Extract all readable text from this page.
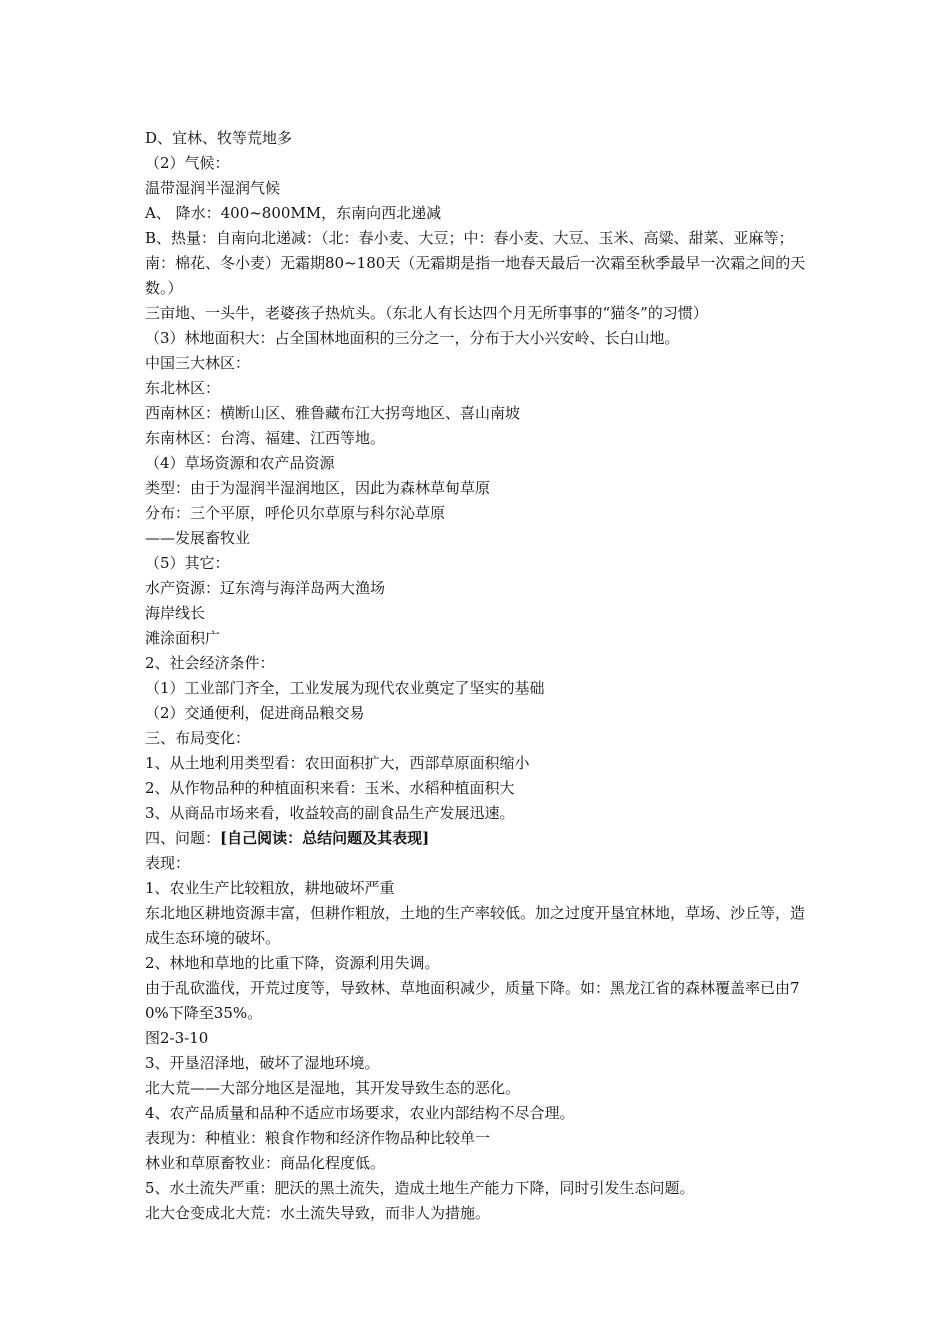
D、宜林、牧等荒地多

（2）气候：

温带湿润半湿润气候

A、 降水：400~800MM，东南向西北递减

B、热量：自南向北递减：（北：春小麦、大豆；中：春小麦、大豆、玉米、高粱、甜菜、亚麻等；南：棉花、冬小麦）无霜期80~180天（无霜期是指一地春天最后一次霜至秋季最早一次霜之间的天数。）

三亩地、一头牛，老婆孩子热炕头。（东北人有长达四个月无所事事的“猫冬”的习惯）

（3）林地面积大：占全国林地面积的三分之一，分布于大小兴安岭、长白山地。

中国三大林区：

东北林区：

西南林区：横断山区、雅鲁藏布江大拐弯地区、喜山南坡

东南林区：台湾、福建、江西等地。

（4）草场资源和农产品资源

类型：由于为湿润半湿润地区，因此为森林草甸草原

分布：三个平原，呼伦贝尔草原与科尔沁草原

——发展畜牧业

（5）其它：

水产资源：辽东湾与海洋岛两大渔场

海岸线长

滩涂面积广

2、社会经济条件：

（1）工业部门齐全，工业发展为现代农业奠定了坚实的基础

（2）交通便利，促进商品粮交易

三、布局变化：

1、从土地利用类型看：农田面积扩大，西部草原面积缩小

2、从作物品种的种植面积来看：玉米、水稻种植面积大

3、从商品市场来看，收益较高的副食品生产发展迅速。

四、问题：[自己阅读：总结问题及其表现]

表现：

1、农业生产比较粗放，耕地破坏严重

东北地区耕地资源丰富，但耕作粗放，土地的生产率较低。加之过度开垦宜林地，草场、沙丘等，造成生态环境的破坏。

2、林地和草地的比重下降，资源利用失调。

由于乱砍滥伐，开荒过度等，导致林、草地面积减少，质量下降。如：黑龙江省的森林覆盖率已由70%下降至35%。

图2-3-10

3、开垦沼泽地，破坏了湿地环境。

北大荒——大部分地区是湿地，其开发导致生态的恶化。

4、农产品质量和品种不适应市场要求，农业内部结构不尽合理。

表现为：种植业：粮食作物和经济作物品种比较单一

林业和草原畜牧业：商品化程度低。

5、水土流失严重：肥沃的黑土流失，造成土地生产能力下降，同时引发生态问题。

北大仓变成北大荒：水土流失导致，而非人为措施。
